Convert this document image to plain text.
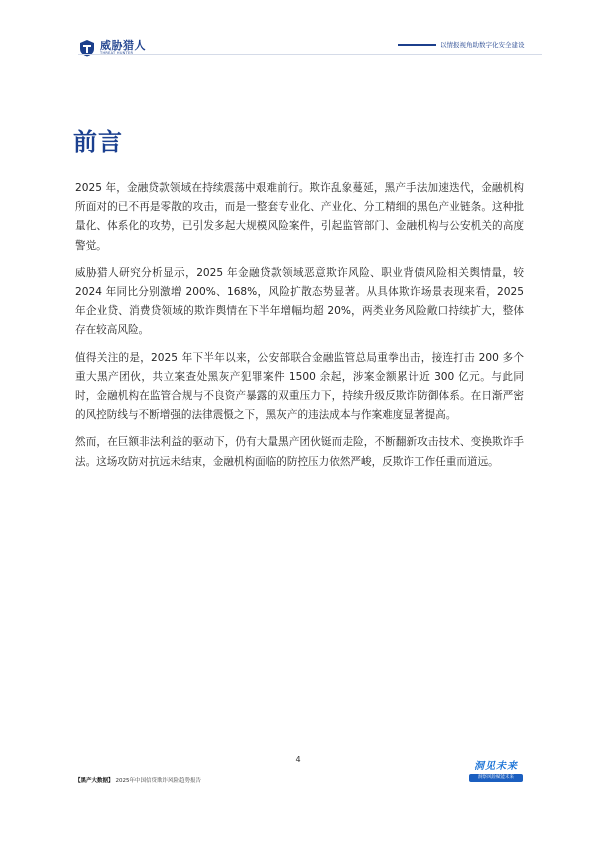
威胁猎人	以情报视角助数字化安全建设
前言

2025 年，金融贷款领域在持续震荡中艰难前行。欺诈乱象蔓延，黑产手法加速迭代，金融机构所面对的已不再是零散的攻击，而是一整套专业化、产业化、分工精细的黑色产业链条。这种批量化、体系化的攻势，已引发多起大规模风险案件，引起监管部门、金融机构与公安机关的高度警觉。

威胁猎人研究分析显示，2025 年金融贷款领域恶意欺诈风险、职业背债风险相关舆情量，较 2024 年同比分别激增 200%、168%，风险扩散态势显著。从具体欺诈场景表现来看，2025 年企业贷、消费贷领域的欺诈舆情在下半年增幅均超 20%，两类业务风险敞口持续扩大，整体存在较高风险。

值得关注的是，2025 年下半年以来，公安部联合金融监管总局重拳出击，接连打击 200 多个重大黑产团伙，共立案查处黑灰产犯罪案件 1500 余起，涉案金额累计近 300 亿元。与此同时，金融机构在监管合规与不良资产暴露的双重压力下，持续升级反欺诈防御体系。在日渐严密的风控防线与不断增强的法律震慑之下，黑灰产的违法成本与作案难度显著提高。

然而，在巨额非法利益的驱动下，仍有大量黑产团伙铤而走险，不断翻新攻击技术、变换欺诈手法。这场攻防对抗远未结束，金融机构面临的防控压力依然严峻，反欺诈工作任重而道远。

4
【黑产大数据】 2025年中国信贷欺诈风险趋势报告
洞见未来
洞察风险赋能未来
